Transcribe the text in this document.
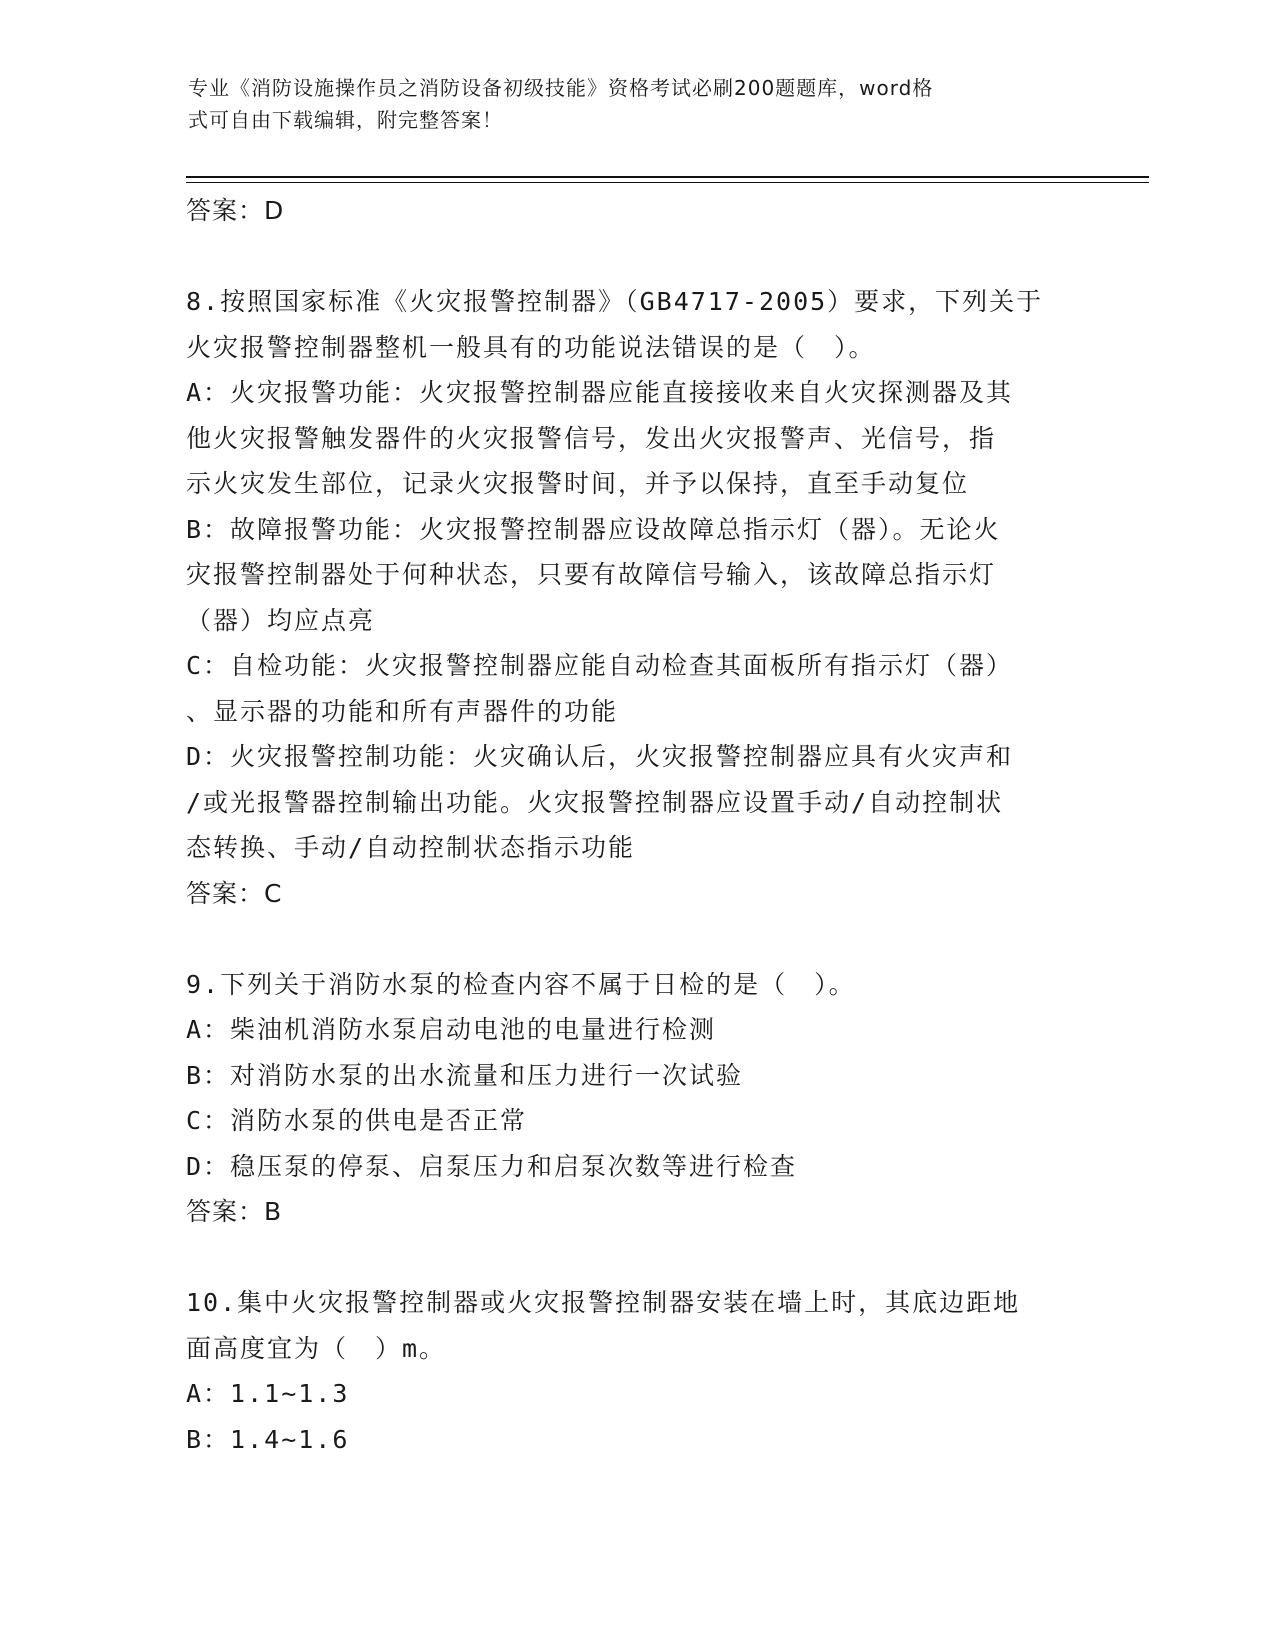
专业《消防设施操作员之消防设备初级技能》资格考试必刷200题题库，word格
式可自由下载编辑，附完整答案！
答案：D
8.按照国家标准《火灾报警控制器》（GB4717-2005）要求，下列关于
火灾报警控制器整机一般具有的功能说法错误的是（　）。
A：火灾报警功能：火灾报警控制器应能直接接收来自火灾探测器及其
他火灾报警触发器件的火灾报警信号，发出火灾报警声、光信号，指
示火灾发生部位，记录火灾报警时间，并予以保持，直至手动复位
B：故障报警功能：火灾报警控制器应设故障总指示灯（器）。无论火
灾报警控制器处于何种状态，只要有故障信号输入，该故障总指示灯
（器）均应点亮
C：自检功能：火灾报警控制器应能自动检查其面板所有指示灯（器）
、显示器的功能和所有声器件的功能
D：火灾报警控制功能：火灾确认后，火灾报警控制器应具有火灾声和
/或光报警器控制输出功能。火灾报警控制器应设置手动/自动控制状
态转换、手动/自动控制状态指示功能
答案：C
9.下列关于消防水泵的检查内容不属于日检的是（　）。
A：柴油机消防水泵启动电池的电量进行检测
B：对消防水泵的出水流量和压力进行一次试验
C：消防水泵的供电是否正常
D：稳压泵的停泵、启泵压力和启泵次数等进行检查
答案：B
10.集中火灾报警控制器或火灾报警控制器安装在墙上时，其底边距地
面高度宜为（　）m。
A：1.1~1.3
B：1.4~1.6
